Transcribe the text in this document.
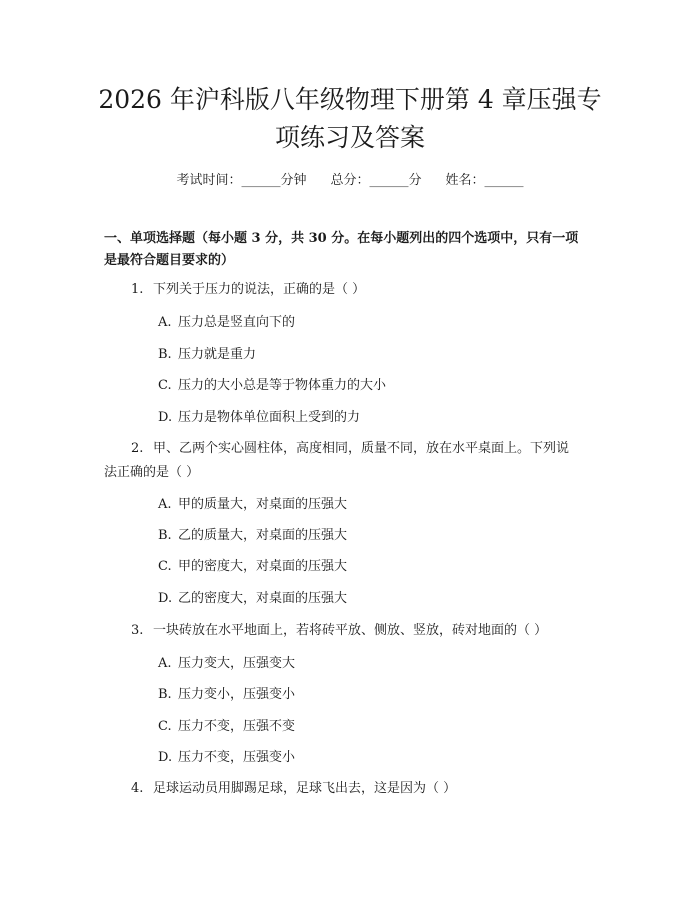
2026 年沪科版八年级物理下册第 4 章压强专
项练习及答案
考试时间：______分钟 总分：______分 姓名：______
一、单项选择题（每小题 3 分，共 30 分。在每小题列出的四个选项中，只有一项
是最符合题目要求的）
1. 下列关于压力的说法，正确的是（ ）
A. 压力总是竖直向下的
B. 压力就是重力
C. 压力的大小总是等于物体重力的大小
D. 压力是物体单位面积上受到的力
2. 甲、乙两个实心圆柱体，高度相同，质量不同，放在水平桌面上。下列说
法正确的是（ ）
A. 甲的质量大，对桌面的压强大
B. 乙的质量大，对桌面的压强大
C. 甲的密度大，对桌面的压强大
D. 乙的密度大，对桌面的压强大
3. 一块砖放在水平地面上，若将砖平放、侧放、竖放，砖对地面的（ ）
A. 压力变大，压强变大
B. 压力变小，压强变小
C. 压力不变，压强不变
D. 压力不变，压强变小
4. 足球运动员用脚踢足球，足球飞出去，这是因为（ ）
